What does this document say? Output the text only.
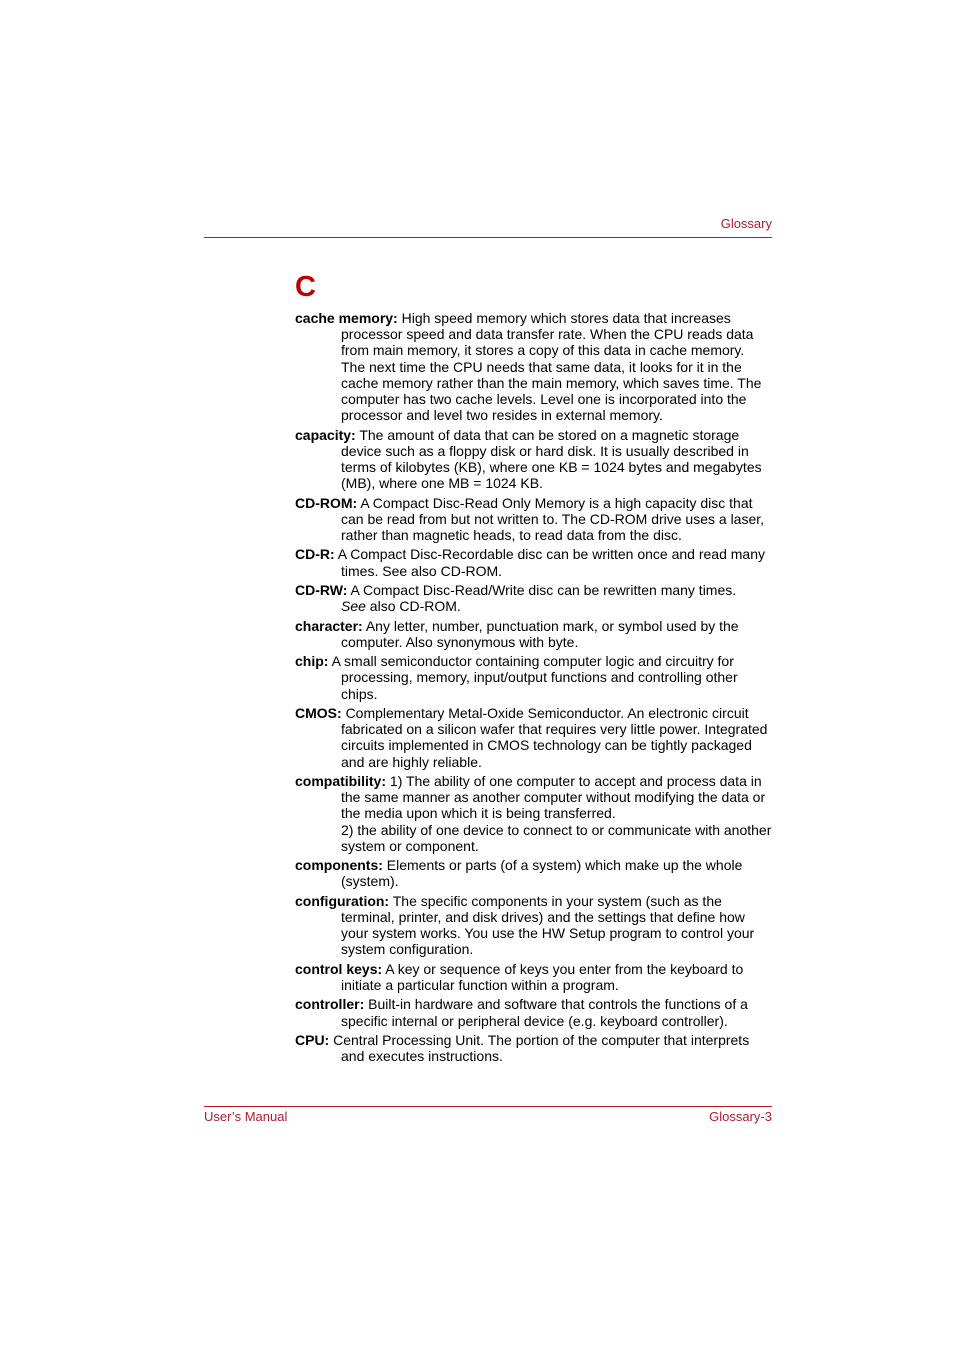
Glossary
C
cache memory: High speed memory which stores data that increases processor speed and data transfer rate. When the CPU reads data from main memory, it stores a copy of this data in cache memory. The next time the CPU needs that same data, it looks for it in the cache memory rather than the main memory, which saves time. The computer has two cache levels. Level one is incorporated into the processor and level two resides in external memory.
capacity: The amount of data that can be stored on a magnetic storage device such as a floppy disk or hard disk. It is usually described in terms of kilobytes (KB), where one KB = 1024 bytes and megabytes (MB), where one MB = 1024 KB.
CD-ROM: A Compact Disc-Read Only Memory is a high capacity disc that can be read from but not written to. The CD-ROM drive uses a laser, rather than magnetic heads, to read data from the disc.
CD-R: A Compact Disc-Recordable disc can be written once and read many times. See also CD-ROM.
CD-RW: A Compact Disc-Read/Write disc can be rewritten many times.
See also CD-ROM.
character: Any letter, number, punctuation mark, or symbol used by the computer. Also synonymous with byte.
chip: A small semiconductor containing computer logic and circuitry for processing, memory, input/output functions and controlling other chips.
CMOS: Complementary Metal-Oxide Semiconductor. An electronic circuit fabricated on a silicon wafer that requires very little power. Integrated circuits implemented in CMOS technology can be tightly packaged and are highly reliable.
compatibility: 1) The ability of one computer to accept and process data in the same manner as another computer without modifying the data or the media upon which it is being transferred.
2) the ability of one device to connect to or communicate with another system or component.
components: Elements or parts (of a system) which make up the whole (system).
configuration: The specific components in your system (such as the terminal, printer, and disk drives) and the settings that define how your system works. You use the HW Setup program to control your system configuration.
control keys: A key or sequence of keys you enter from the keyboard to initiate a particular function within a program.
controller: Built-in hardware and software that controls the functions of a specific internal or peripheral device (e.g. keyboard controller).
CPU: Central Processing Unit. The portion of the computer that interprets and executes instructions.
User’s Manual	Glossary-3
